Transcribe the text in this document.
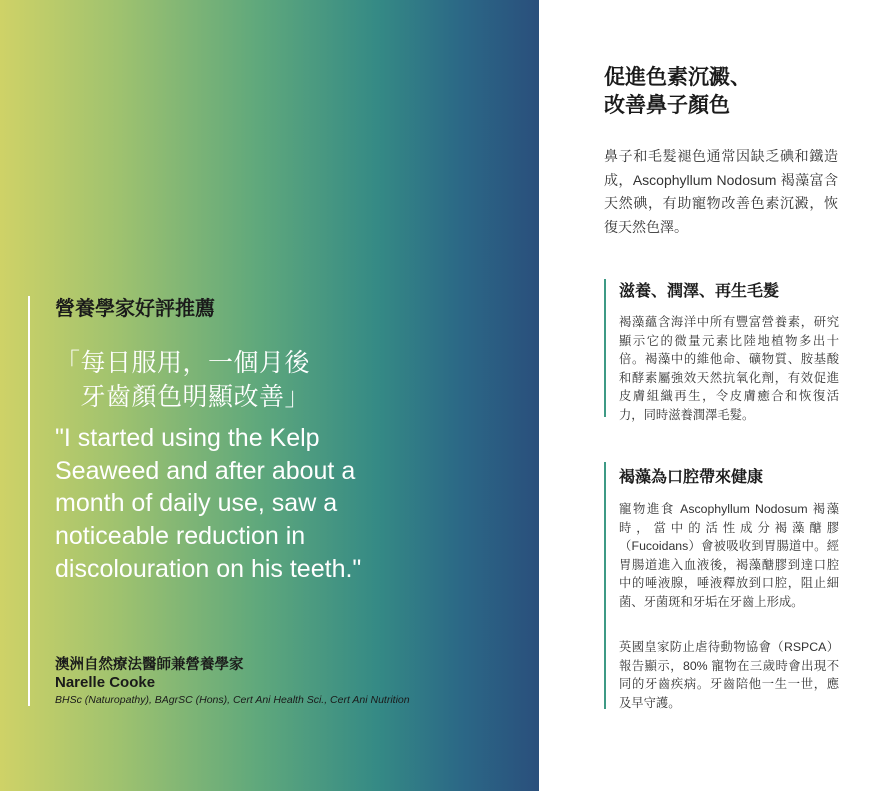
營養學家好評推薦

「每日服用，一個月後
　牙齒顏色明顯改善」

"I started using the Kelp Seaweed and after about a month of daily use, saw a noticeable reduction in discolouration on his teeth."

澳洲自然療法醫師兼營養學家
Narelle Cooke
BHSc (Naturopathy), BAgrSC (Hons), Cert Ani Health Sci., Cert Ani Nutrition
促進色素沉澱、
改善鼻子顏色

鼻子和毛髮褪色通常因缺乏碘和鐵造成，Ascophyllum Nodosum 褐藻富含天然碘，有助寵物改善色素沉澱，恢復天然色澤。

滋養、潤澤、再生毛髮

褐藻蘊含海洋中所有豐富營養素，研究顯示它的微量元素比陸地植物多出十倍。褐藻中的維他命、礦物質、胺基酸和酵素屬強效天然抗氧化劑，有效促進皮膚組織再生，令皮膚癒合和恢復活力，同時滋養潤澤毛髮。

褐藻為口腔帶來健康

寵物進食 Ascophyllum Nodosum 褐藻時，當中的活性成分褐藻醣膠（Fucoidans）會被吸收到胃腸道中。經胃腸道進入血液後，褐藻醣膠到達口腔中的唾液腺，唾液釋放到口腔，阻止細菌、牙菌斑和牙垢在牙齒上形成。

英國皇家防止虐待動物協會（RSPCA）報告顯示，80% 寵物在三歲時會出現不同的牙齒疾病。牙齒陪他一生一世，應及早守護。
